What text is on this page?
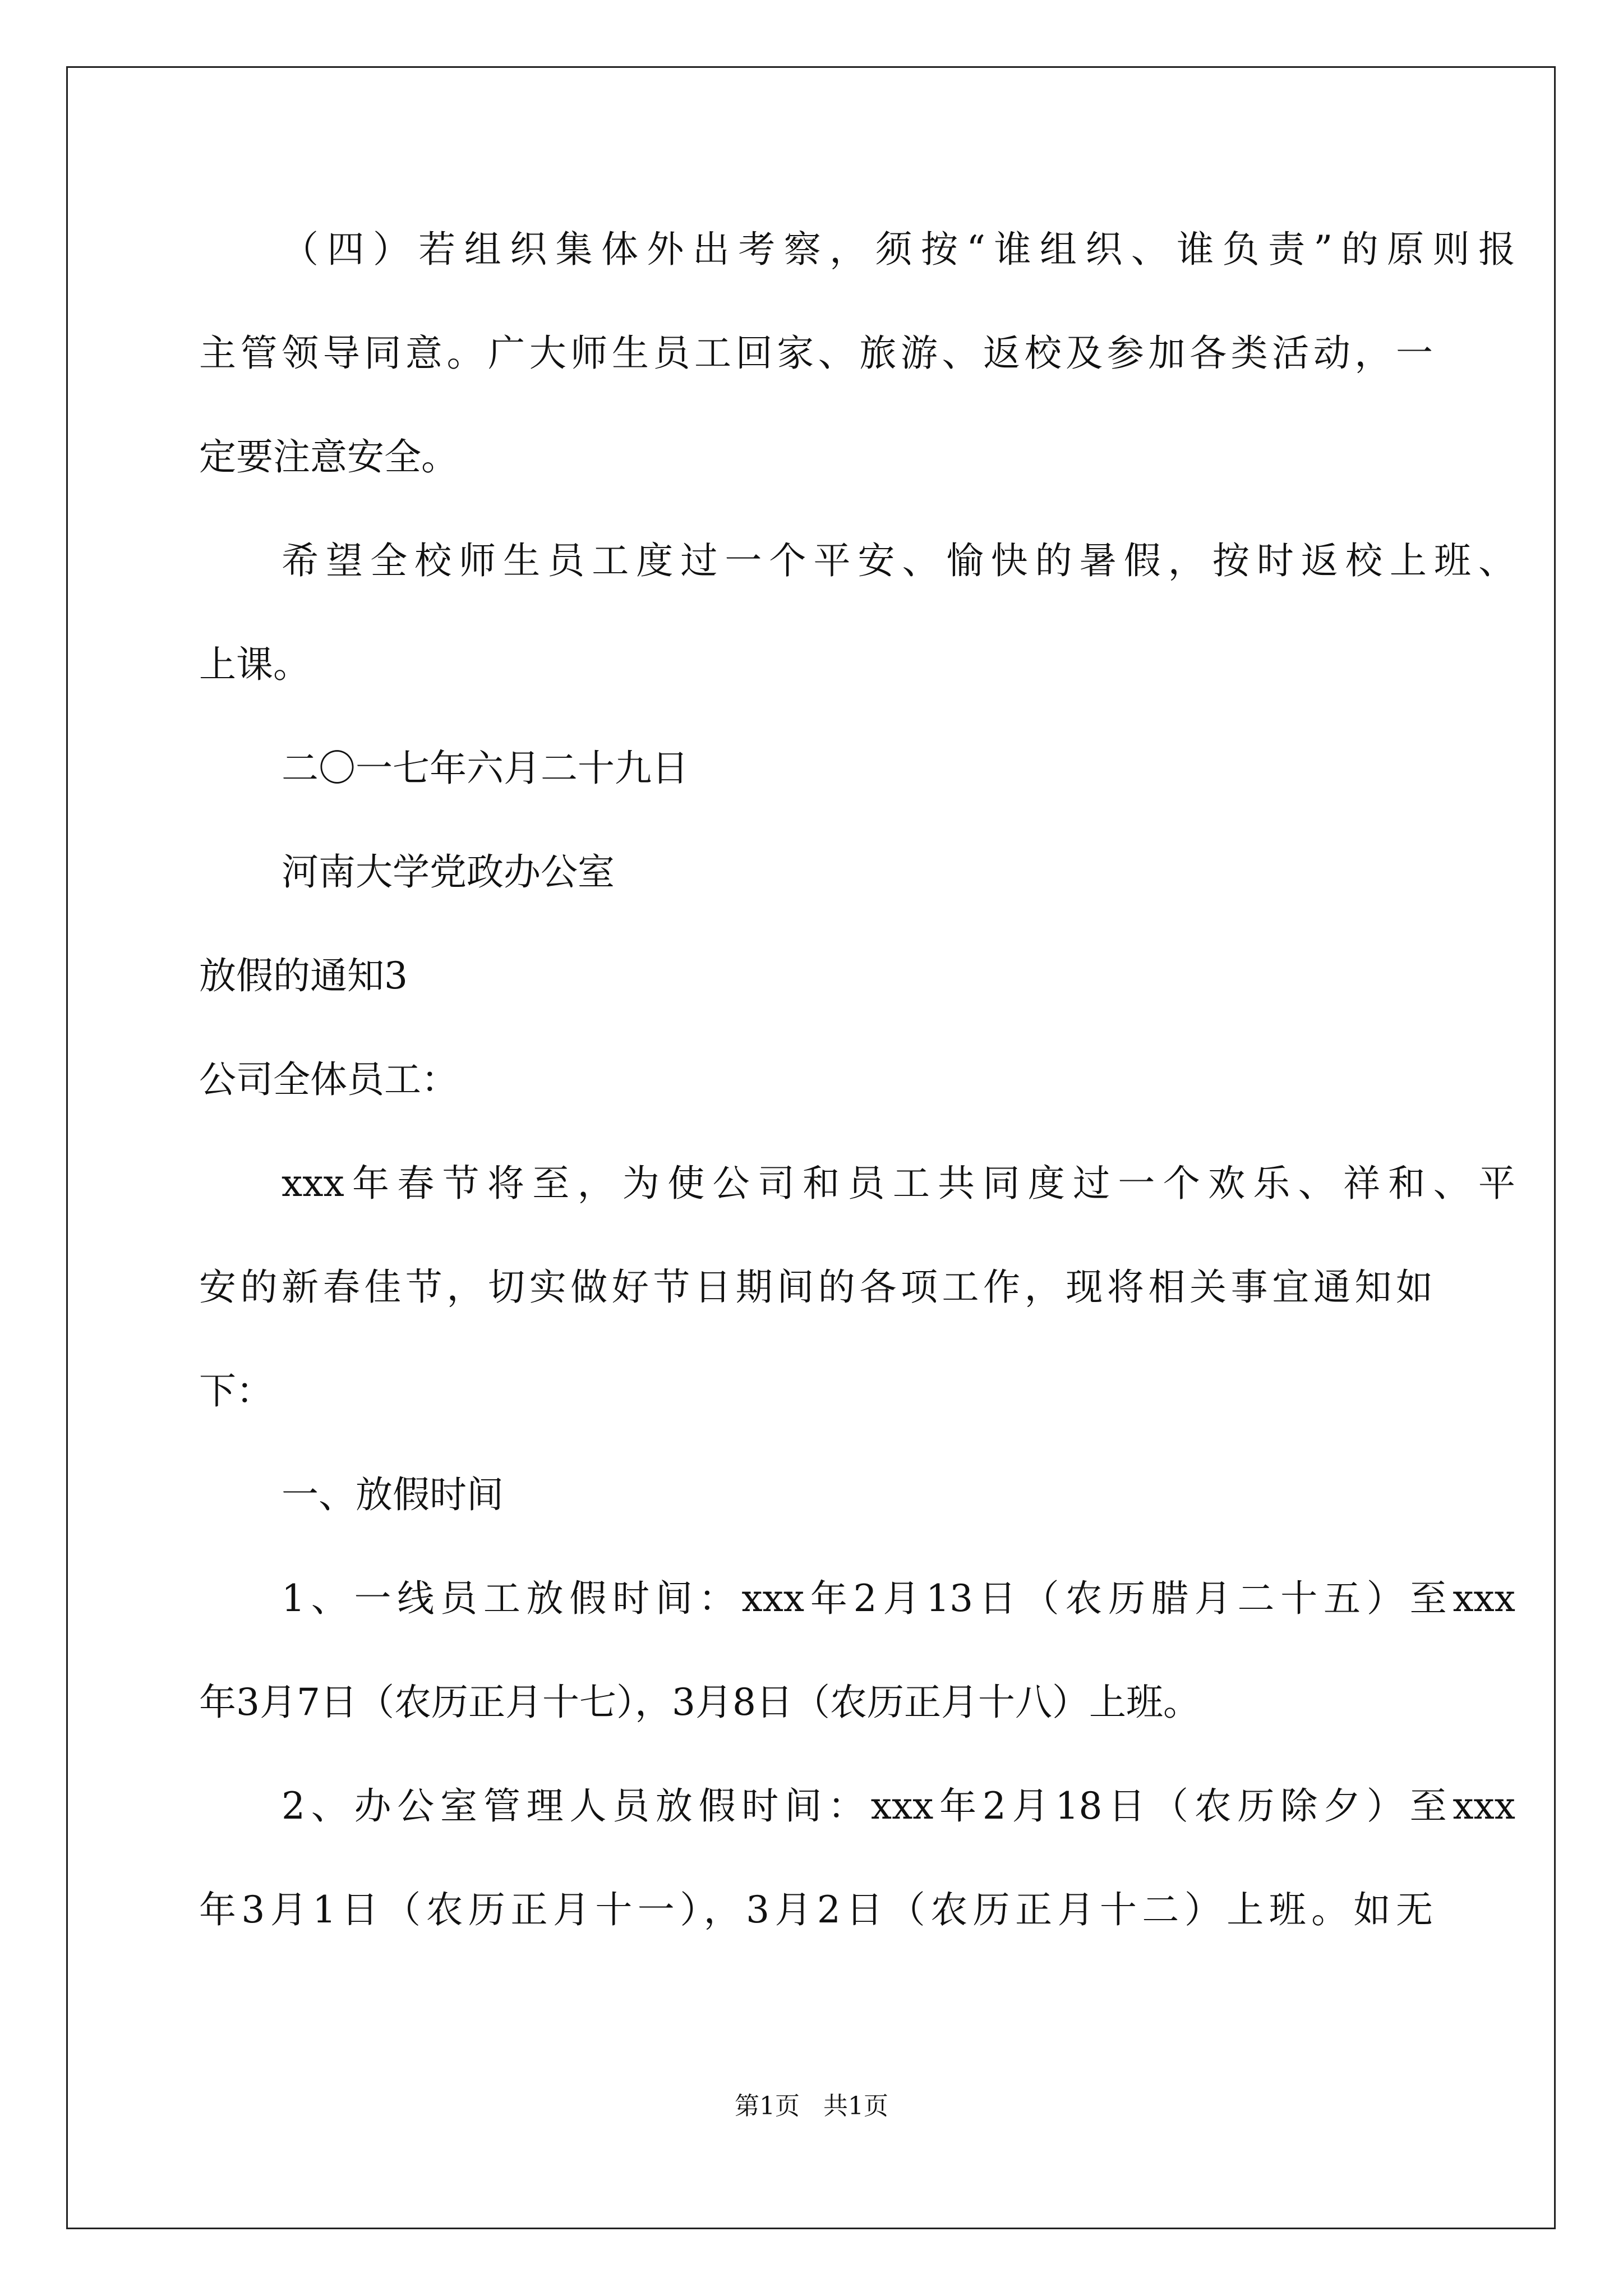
（四）若组织集体外出考察，须按“谁组织、谁负责”的原则报
主管领导同意。广大师生员工回家、旅游、返校及参加各类活动，一
定要注意安全。
希望全校师生员工度过一个平安、愉快的暑假，按时返校上班、
上课。
二〇一七年六月二十九日
河南大学党政办公室
放假的通知3
公司全体员工：
xxx年春节将至，为使公司和员工共同度过一个欢乐、祥和、平
安的新春佳节，切实做好节日期间的各项工作，现将相关事宜通知如
下：
一、放假时间
1、一线员工放假时间：xxx年2月13日（农历腊月二十五）至xxx
年3月7日（农历正月十七），3月8日（农历正月十八）上班。
2、办公室管理人员放假时间：xxx年2月18日（农历除夕）至xxx
年3月1日（农历正月十一），3月2日（农历正月十二）上班。如无
第1页   共1页
